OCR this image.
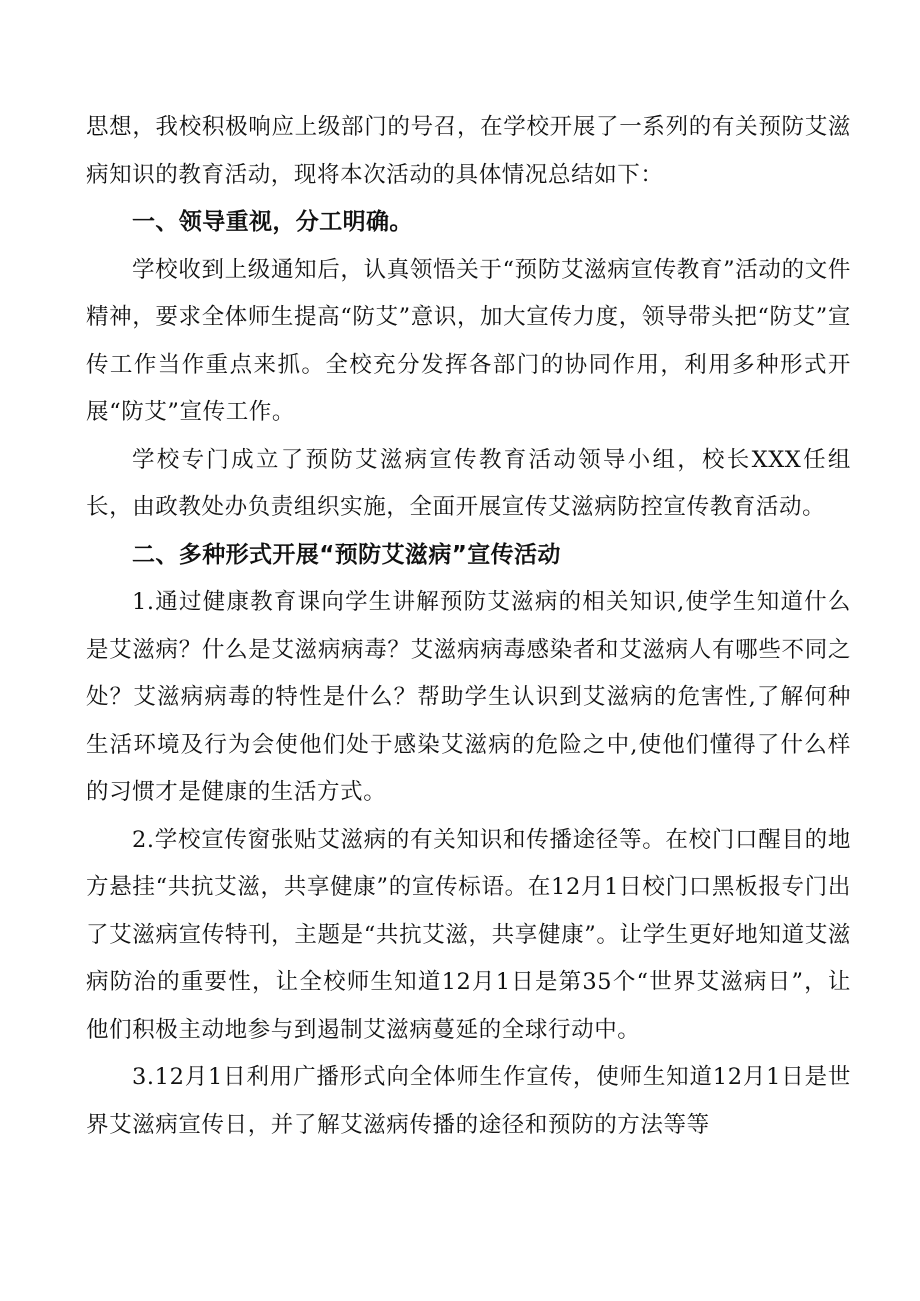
思想，我校积极响应上级部门的号召，在学校开展了一系列的有关预防艾滋病知识的教育活动，现将本次活动的具体情况总结如下：

一、领导重视，分工明确。

学校收到上级通知后，认真领悟关于“预防艾滋病宣传教育”活动的文件精神，要求全体师生提高“防艾”意识，加大宣传力度，领导带头把“防艾”宣传工作当作重点来抓。全校充分发挥各部门的协同作用，利用多种形式开展“防艾”宣传工作。

学校专门成立了预防艾滋病宣传教育活动领导小组，校长XXX任组长，由政教处办负责组织实施，全面开展宣传艾滋病防控宣传教育活动。

二、多种形式开展“预防艾滋病”宣传活动

1.通过健康教育课向学生讲解预防艾滋病的相关知识,使学生知道什么是艾滋病？什么是艾滋病病毒？艾滋病病毒感染者和艾滋病人有哪些不同之处？艾滋病病毒的特性是什么？帮助学生认识到艾滋病的危害性,了解何种生活环境及行为会使他们处于感染艾滋病的危险之中,使他们懂得了什么样的习惯才是健康的生活方式。

2.学校宣传窗张贴艾滋病的有关知识和传播途径等。在校门口醒目的地方悬挂“共抗艾滋，共享健康”的宣传标语。在12月1日校门口黑板报专门出了艾滋病宣传特刊，主题是“共抗艾滋，共享健康”。让学生更好地知道艾滋病防治的重要性，让全校师生知道12月1日是第35个“世界艾滋病日”，让他们积极主动地参与到遏制艾滋病蔓延的全球行动中。

3.12月1日利用广播形式向全体师生作宣传，使师生知道12月1日是世界艾滋病宣传日，并了解艾滋病传播的途径和预防的方法等等
